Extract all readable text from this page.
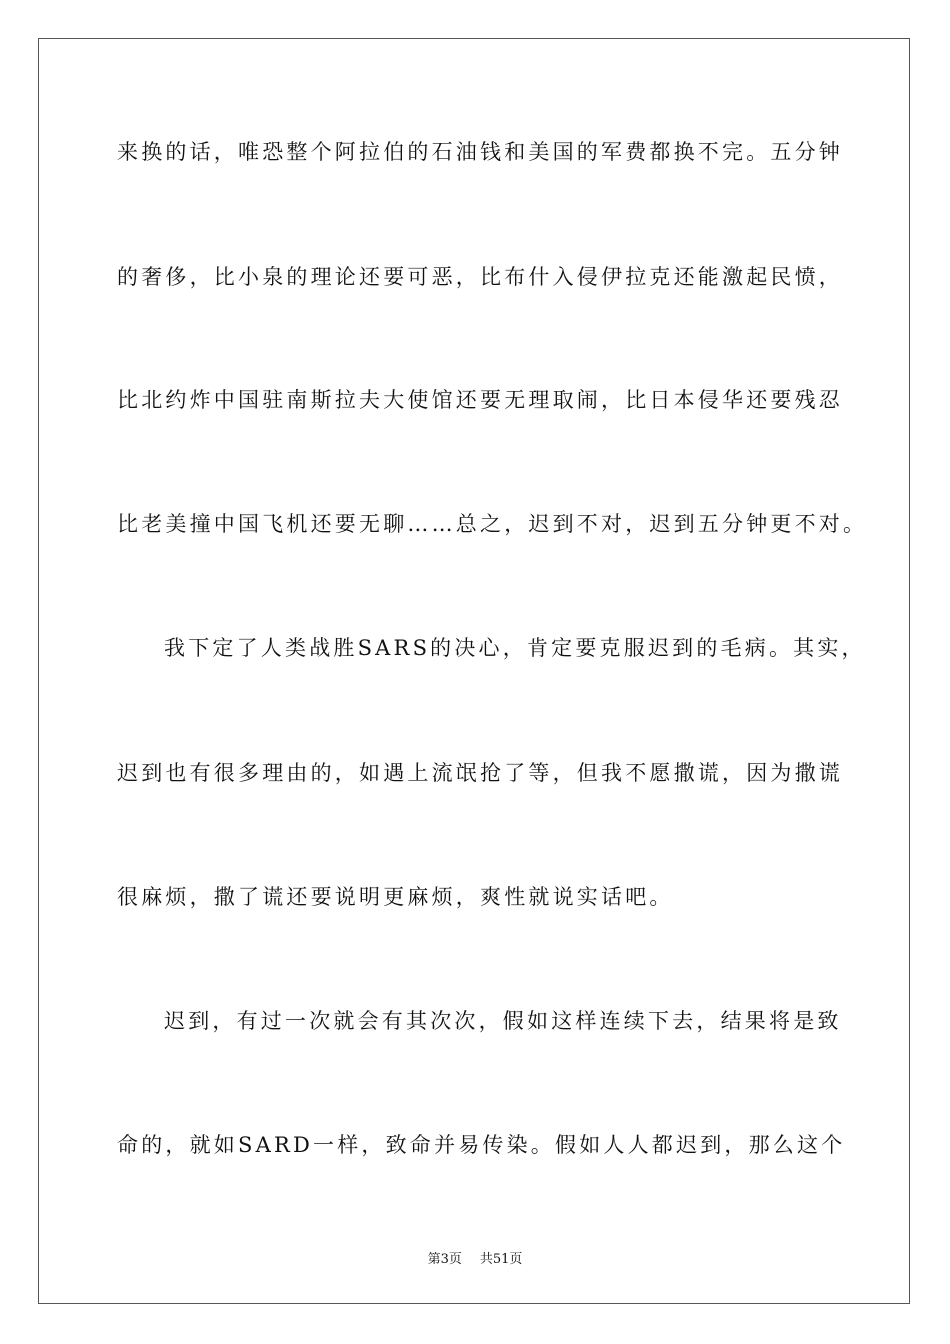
来换的话，唯恐整个阿拉伯的石油钱和美国的军费都换不完。五分钟
的奢侈，比小泉的理论还要可恶，比布什入侵伊拉克还能激起民愤，
比北约炸中国驻南斯拉夫大使馆还要无理取闹，比日本侵华还要残忍
比老美撞中国飞机还要无聊……总之，迟到不对，迟到五分钟更不对。
我下定了人类战胜SARS的决心，肯定要克服迟到的毛病。其实，
迟到也有很多理由的，如遇上流氓抢了等，但我不愿撒谎，因为撒谎
很麻烦，撒了谎还要说明更麻烦，爽性就说实话吧。
迟到，有过一次就会有其次次，假如这样连续下去，结果将是致
命的，就如SARD一样，致命并易传染。假如人人都迟到，那么这个
第3页 共51页
